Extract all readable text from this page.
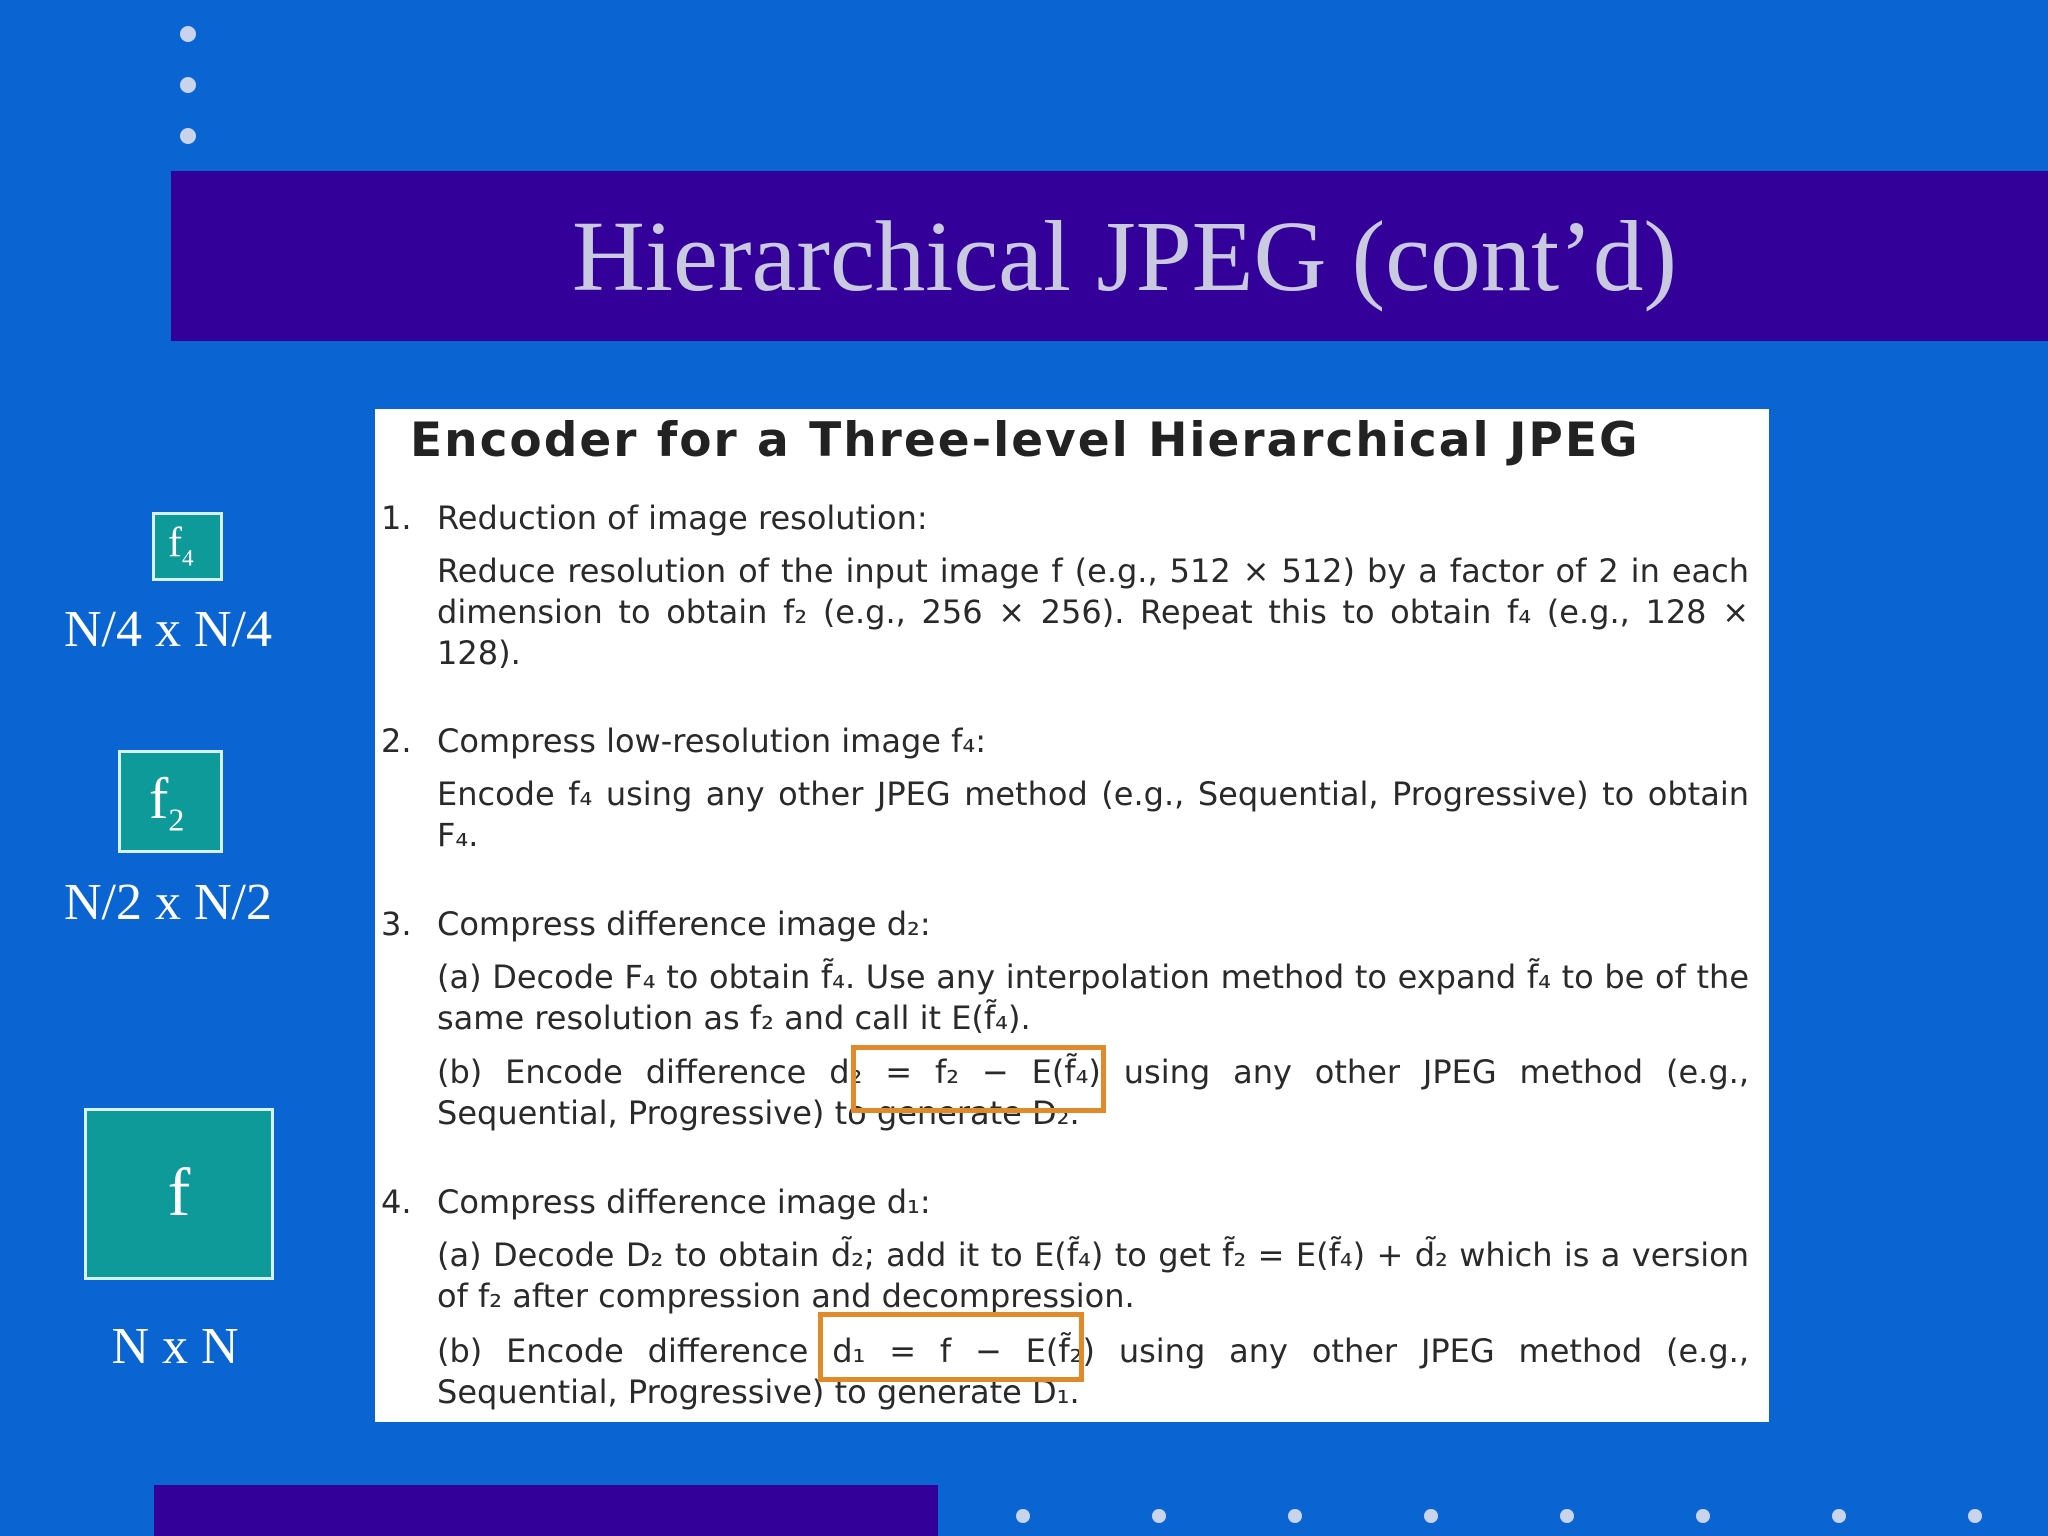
Hierarchical JPEG (cont’d)
$f_4$
N/4 x N/4
$f_2$
N/2 x N/2
f
N x N
Encoder for a Three-level Hierarchical JPEG
1. Reduction of image resolution:
Reduce resolution of the input image f (e.g., 512 × 512) by a factor of 2 in each dimension to obtain f₂ (e.g., 256 × 256). Repeat this to obtain f₄ (e.g., 128 × 128).
2. Compress low-resolution image f₄:
Encode f₄ using any other JPEG method (e.g., Sequential, Progressive) to obtain F₄.
3. Compress difference image d₂:
(a) Decode F₄ to obtain f̃₄. Use any interpolation method to expand f̃₄ to be of the same resolution as f₂ and call it E(f̃₄).
(b) Encode difference d₂ = f₂ − E(f̃₄) using any other JPEG method (e.g., Sequential, Progressive) to generate D₂.
4. Compress difference image d₁:
(a) Decode D₂ to obtain d̃₂; add it to E(f̃₄) to get f̃₂ = E(f̃₄) + d̃₂ which is a version of f₂ after compression and decompression.
(b) Encode difference d₁ = f − E(f̃₂) using any other JPEG method (e.g., Sequential, Progressive) to generate D₁.
